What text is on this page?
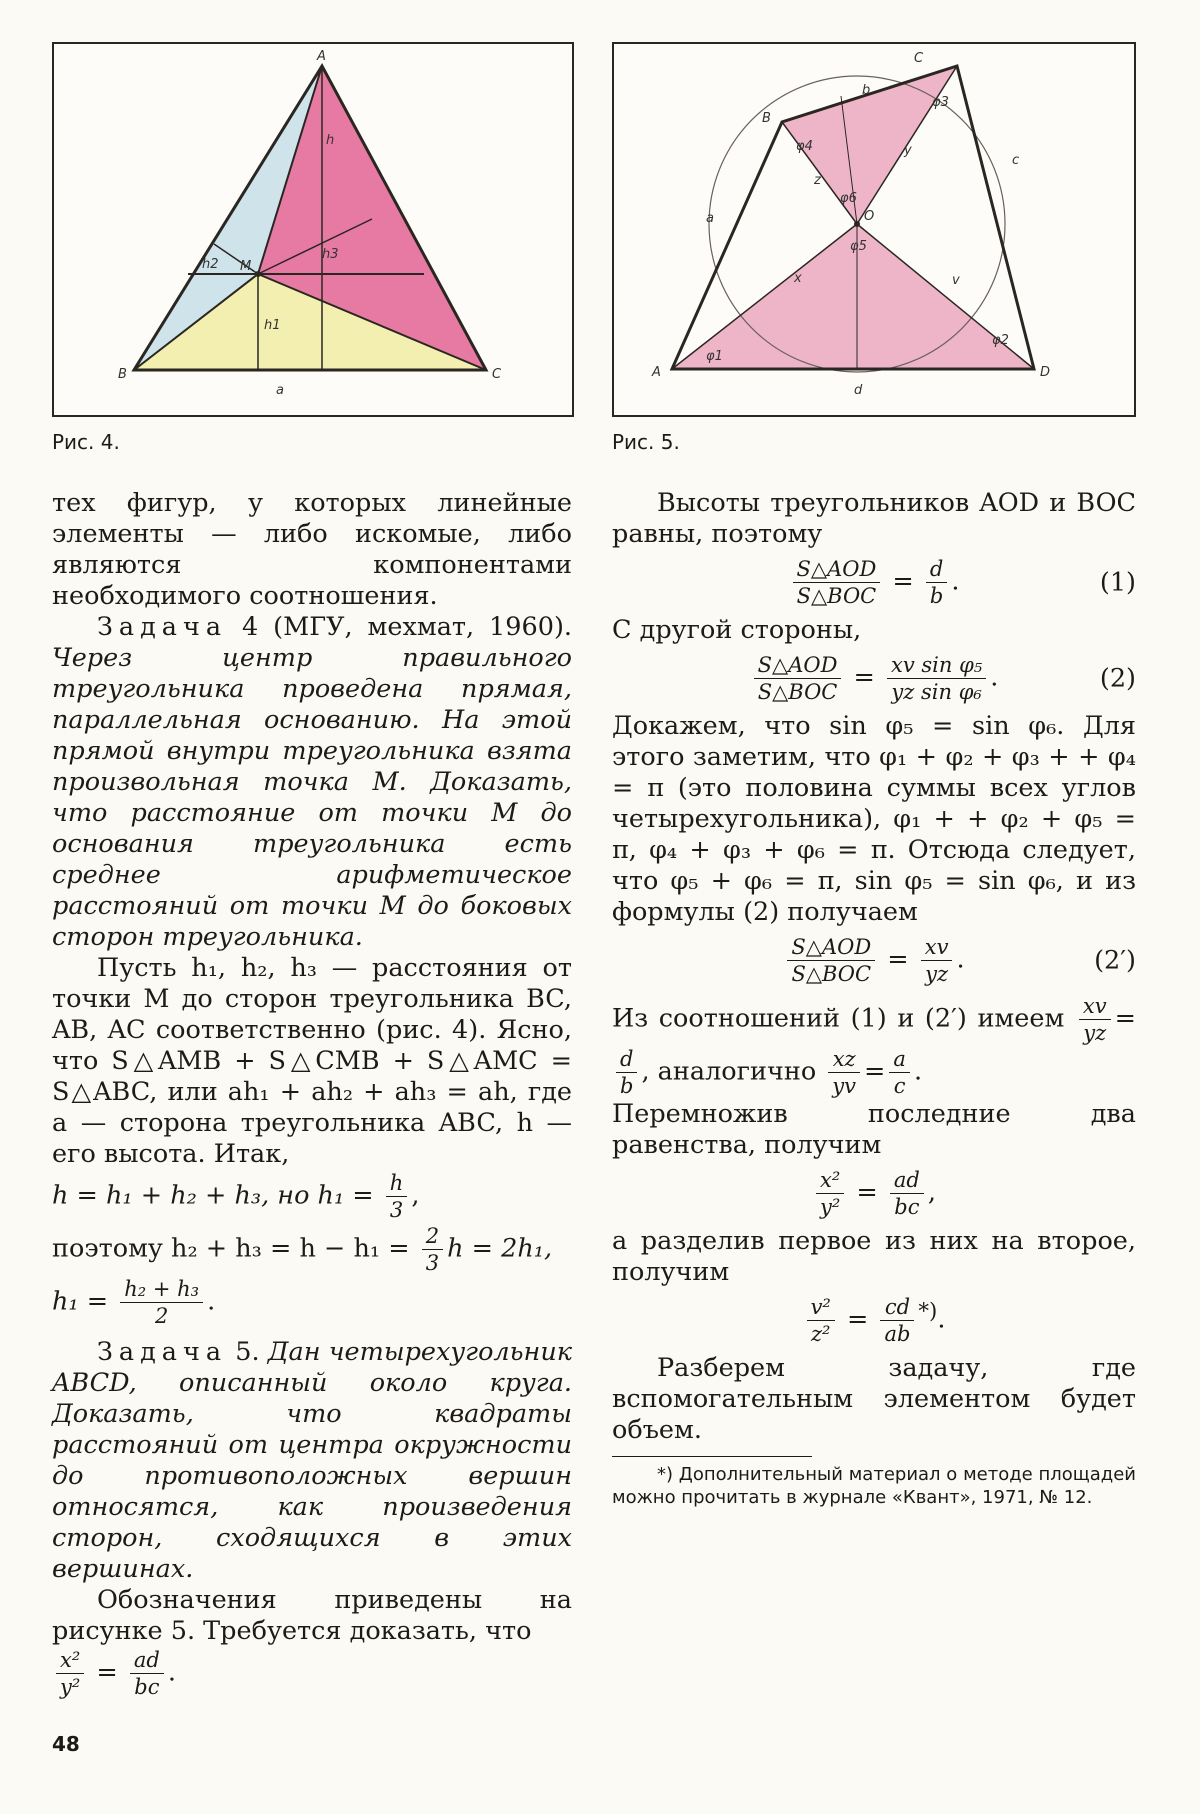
A
B	C
M
a
h
h1
h2
h3
Рис. 4.
A
B
C
D
O
a
b
c
d
x
y
z
v
φ1
φ2
φ3
φ4
φ5
φ6
Рис. 5.

тех фигур, у которых линейные элементы — либо искомые, либо являются компонентами необходимого соотношения.

Задача 4 (МГУ, мехмат, 1960). Через центр правильного треугольника проведена прямая, параллельная основанию. На этой прямой внутри треугольника взята произвольная точка M. Доказать, что расстояние от точки M до основания треугольника есть среднее арифметическое расстояний от точки M до боковых сторон треугольника.

Пусть h₁, h₂, h₃ — расстояния от точки M до сторон треугольника BC, AB, AC соответственно (рис. 4). Ясно, что S△AMB + S△CMB + S△AMC = S△ABC, или ah₁ + ah₂ + ah₃ = ah, где a — сторона треугольника ABC, h — его высота. Итак,

h = h₁ + h₂ + h₃, но $h_1 = \frac{h}{3}$ ,

поэтому $h_2 + h_3 = h - h_1 = \frac{2}{3}$ h = 2h₁,

$h_1 = \frac{\text{h₂ + h₃}}{2}$ .

Задача 5. Дан четырехугольник ABCD, описанный около круга. Доказать, что квадраты расстояний от центра окружности до противоположных вершин относятся, как произведения сторон, сходящихся в этих вершинах.

Обозначения приведены на рисунке 5. Требуется доказать, что

$\frac{\text{x²}}{\text{y²}} = \frac{ad}{bc}$ .

Высоты треугольников AOD и BOC равны, поэтому

$\frac{\text{S△AOD}}{\text{S△BOC}} = \frac{d}{b}$ .	(1)

С другой стороны,

$\frac{\text{S△AOD}}{\text{S△BOC}} = \frac{\text{xv sin φ₅}}{\text{yz sin φ₆}}$ .	(2)

Докажем, что sin φ₅ = sin φ₆. Для этого заметим, что φ₁ + φ₂ + φ₃ + + φ₄ = π (это половина суммы всех углов четырехугольника), φ₁ + + φ₂ + φ₅ = π, φ₄ + φ₃ + φ₆ = π. Отсюда следует, что φ₅ + φ₆ = π, sin φ₅ = sin φ₆, и из формулы (2) получаем

$\frac{\text{S△AOD}}{\text{S△BOC}} = \frac{xv}{yz}$ .	(2′)

Из соотношений (1) и (2′) имеем $\frac{xv}{yz}$ =
$\frac{d}{b}$ , аналогично $\frac{xz}{yv} = \frac{a}{c}$ .

Перемножив последние два равенства, получим

$\frac{\text{x²}}{\text{y²}} = \frac{ad}{bc}$ ,

а разделив первое из них на второе, получим

$\frac{\text{v²}}{\text{z²}} = \frac{cd}{ab} ^{*)}$.

Разберем задачу, где вспомогательным элементом будет объем.

*) Дополнительный материал о методе площадей можно прочитать в журнале «Квант», 1971, № 12.

48
